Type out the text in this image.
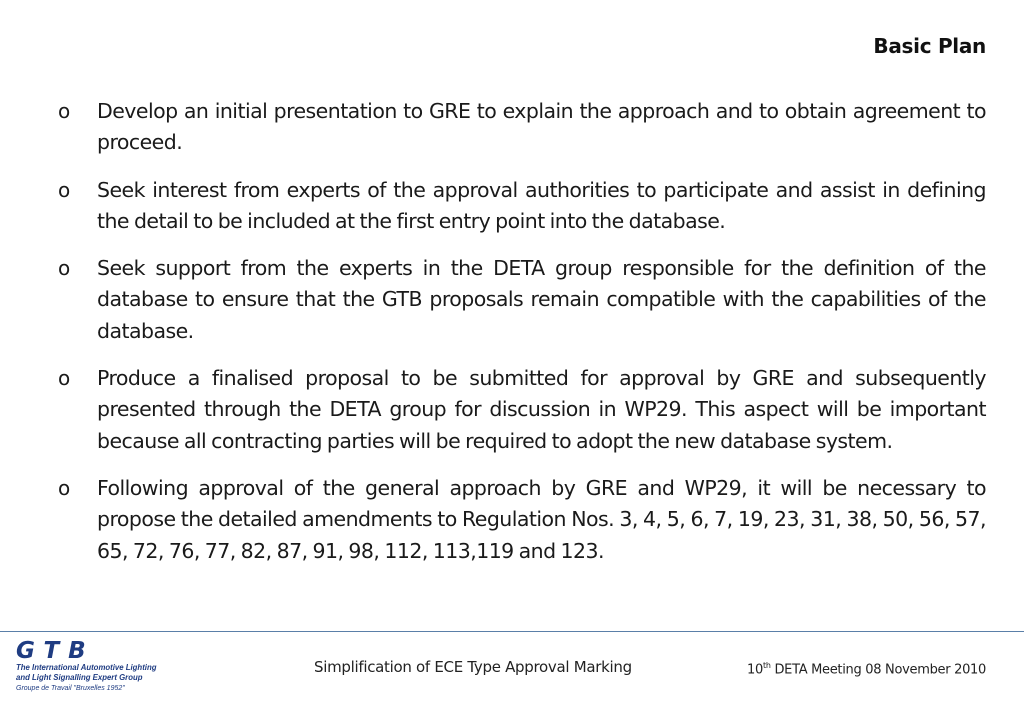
Basic Plan
o Develop an initial presentation to GRE to explain the approach and to obtain agreement to proceed.
o Seek interest from experts of the approval authorities to participate and assist in defining the detail to be included at the first entry point into the database.
o Seek support from the experts in the DETA group responsible for the definition of the database to ensure that the GTB proposals remain compatible with the capabilities of the database.
o Produce a finalised proposal to be submitted for approval by GRE and subsequently presented through the DETA group for discussion in WP29. This aspect will be important because all contracting parties will be required to adopt the new database system.
o Following approval of the general approach by GRE and WP29, it will be necessary to propose the detailed amendments to Regulation Nos. 3, 4, 5, 6, 7, 19, 23, 31, 38, 50, 56, 57, 65, 72, 76, 77, 82, 87, 91, 98, 112, 113,119 and 123.
GTB
The International Automotive Lighting
and Light Signalling Expert Group
Groupe de Travail "Bruxelles 1952"
Simplification of ECE Type Approval Marking	10th DETA Meeting 08 November 2010
